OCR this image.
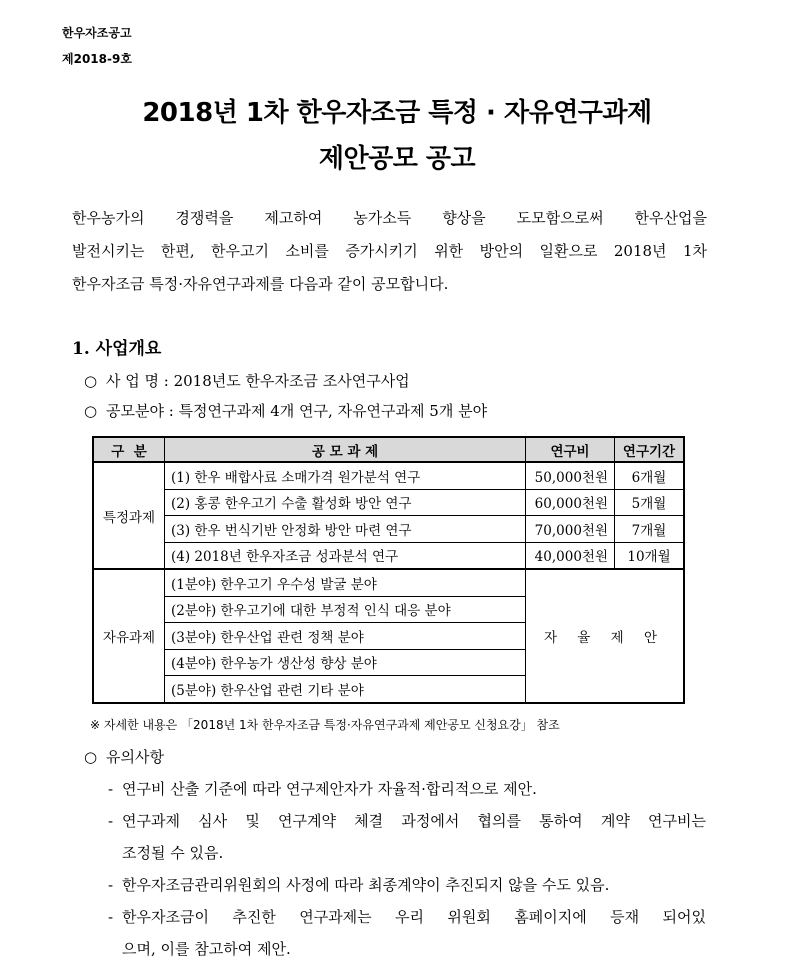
한우자조공고
제2018-9호
2018년 1차 한우자조금 특정 · 자유연구과제
제안공모 공고
한우농가의 경쟁력을 제고하여 농가소득 향상을 도모함으로써 한우산업을
발전시키는 한편, 한우고기 소비를 증가시키기 위한 방안의 일환으로 2018년 1차
한우자조금 특정·자유연구과제를 다음과 같이 공모합니다.
1. 사업개요
○ 사 업 명 : 2018년도 한우자조금 조사연구사업
○ 공모분야 : 특정연구과제 4개 연구, 자유연구과제 5개 분야
구  분	공 모 과 제	연구비	연구기간
특정과제	(1) 한우 배합사료 소매가격 원가분석 연구	50,000천원	6개월
	(2) 홍콩 한우고기 수출 활성화 방안 연구	60,000천원	5개월
	(3) 한우 번식기반 안정화 방안 마련 연구	70,000천원	7개월
	(4) 2018년 한우자조금 성과분석 연구	40,000천원	10개월
자유과제	(1분야) 한우고기 우수성 발굴 분야	자 율 제 안	
	(2분야) 한우고기에 대한 부정적 인식 대응 분야		
	(3분야) 한우산업 관련 정책 분야		
	(4분야) 한우농가 생산성 향상 분야		
	(5분야) 한우산업 관련 기타 분야		
※ 자세한 내용은 「2018년 1차 한우자조금 특정·자유연구과제 제안공모 신청요강」 참조
○ 유의사항
- 연구비 산출 기준에 따라 연구제안자가 자율적·합리적으로 제안.
- 연구과제 심사 및 연구계약 체결 과정에서 협의를 통하여 계약 연구비는
조정될 수 있음.
- 한우자조금관리위원회의 사정에 따라 최종계약이 추진되지 않을 수도 있음.
- 한우자조금이 추진한 연구과제는 우리 위원회 홈페이지에 등재 되어있
으며, 이를 참고하여 제안.
